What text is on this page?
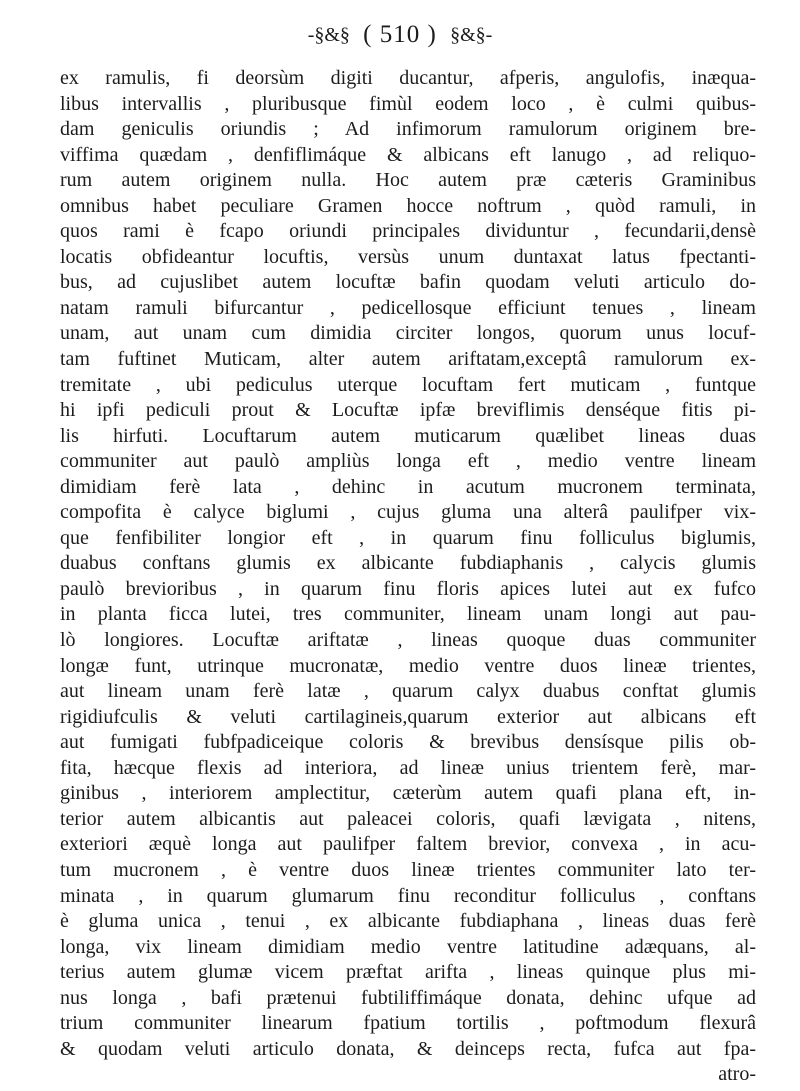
-§&§ ( 510 ) §&§-
ex ramulis, fi deorsùm digiti ducantur, afperis, angulofis, inæqua-
libus intervallis , pluribusque fimùl eodem loco , è culmi quibus-
dam geniculis oriundis ; Ad infimorum ramulorum originem bre-
viffima quædam , denfiflimáque & albicans eft lanugo , ad reliquo-
rum autem originem nulla. Hoc autem præ cæteris Graminibus
omnibus habet peculiare Gramen hocce noftrum , quòd ramuli, in
quos rami è fcapo oriundi principales dividuntur , fecundarii,densè
locatis obfideantur locuftis, versùs unum duntaxat latus fpectanti-
bus, ad cujuslibet autem locuftæ bafin quodam veluti articulo do-
natam ramuli bifurcantur , pedicellosque efficiunt tenues , lineam
unam, aut unam cum dimidia circiter longos, quorum unus locuf-
tam fuftinet Muticam, alter autem ariftatam,exceptâ ramulorum ex-
tremitate , ubi pediculus uterque locuftam fert muticam , funtque
hi ipfi pediculi prout & Locuftæ ipfæ breviflimis denséque fitis pi-
lis hirfuti. Locuftarum autem muticarum quælibet lineas duas
communiter aut paulò ampliùs longa eft , medio ventre lineam
dimidiam ferè lata , dehinc in acutum mucronem terminata,
compofita è calyce biglumi , cujus gluma una alterâ paulifper vix-
que fenfibiliter longior eft , in quarum finu folliculus biglumis,
duabus conftans glumis ex albicante fubdiaphanis , calycis glumis
paulò brevioribus , in quarum finu floris apices lutei aut ex fufco
in planta ficca lutei, tres communiter, lineam unam longi aut pau-
lò longiores. Locuftæ ariftatæ , lineas quoque duas communiter
longæ funt, utrinque mucronatæ, medio ventre duos lineæ trientes,
aut lineam unam ferè latæ , quarum calyx duabus conftat glumis
rigidiufculis & veluti cartilagineis,quarum exterior aut albicans eft
aut fumigati fubfpadiceique coloris & brevibus densísque pilis ob-
fita, hæcque flexis ad interiora, ad lineæ unius trientem ferè, mar-
ginibus , interiorem amplectitur, cæterùm autem quafi plana eft, in-
terior autem albicantis aut paleacei coloris, quafi lævigata , nitens,
exteriori æquè longa aut paulifper faltem brevior, convexa , in acu-
tum mucronem , è ventre duos lineæ trientes communiter lato ter-
minata , in quarum glumarum finu reconditur folliculus , conftans
è gluma unica , tenui , ex albicante fubdiaphana , lineas duas ferè
longa, vix lineam dimidiam medio ventre latitudine adæquans, al-
terius autem glumæ vicem præftat arifta , lineas quinque plus mi-
nus longa , bafi prætenui fubtiliffimáque donata, dehinc ufque ad
trium communiter linearum fpatium tortilis , poftmodum flexurâ
& quodam veluti articulo donata, & deinceps recta, fufca aut fpa-
atro-
